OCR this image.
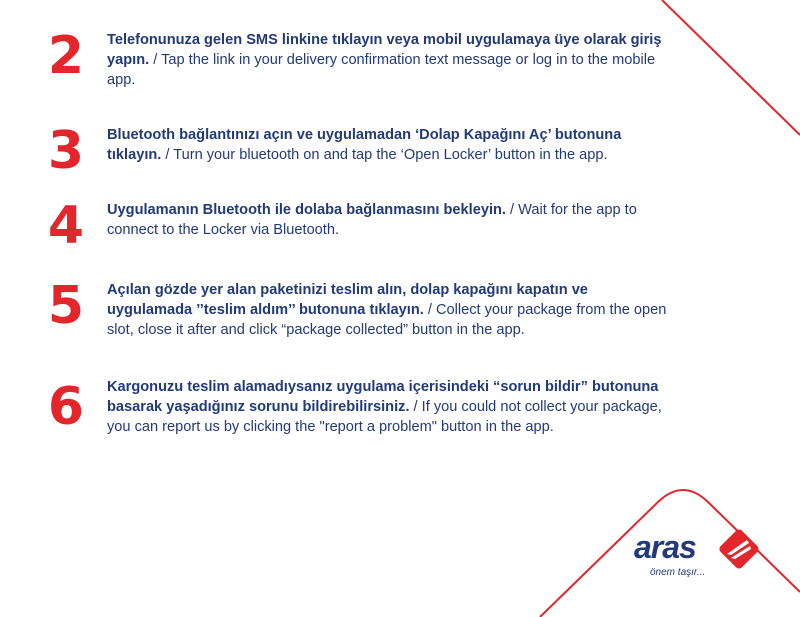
2 Telefonunuza gelen SMS linkine tıklayın veya mobil uygulamaya üye olarak giriş yapın. / Tap the link in your delivery confirmation text message or log in to the mobile app.
3 Bluetooth bağlantınızı açın ve uygulamadan ‘Dolap Kapağını Aç’ butonuna tıklayın. / Turn your bluetooth on and tap the ‘Open Locker’ button in the app.
4 Uygulamanın Bluetooth ile dolaba bağlanmasını bekleyin. / Wait for the app to connect to the Locker via Bluetooth.
5 Açılan gözde yer alan paketinizi teslim alın, dolap kapağını kapatın ve uygulamada ’’teslim aldım’’ butonuna tıklayın. / Collect your package from the open slot, close it after and click “package collected” button in the app.
6 Kargonuzu teslim alamadıysanız uygulama içerisindeki “sorun bildir” butonuna basarak yaşadığınız sorunu bildirebilirsiniz. / If you could not collect your package, you can report us by clicking the "report a problem" button in the app.
aras
önem taşır...
